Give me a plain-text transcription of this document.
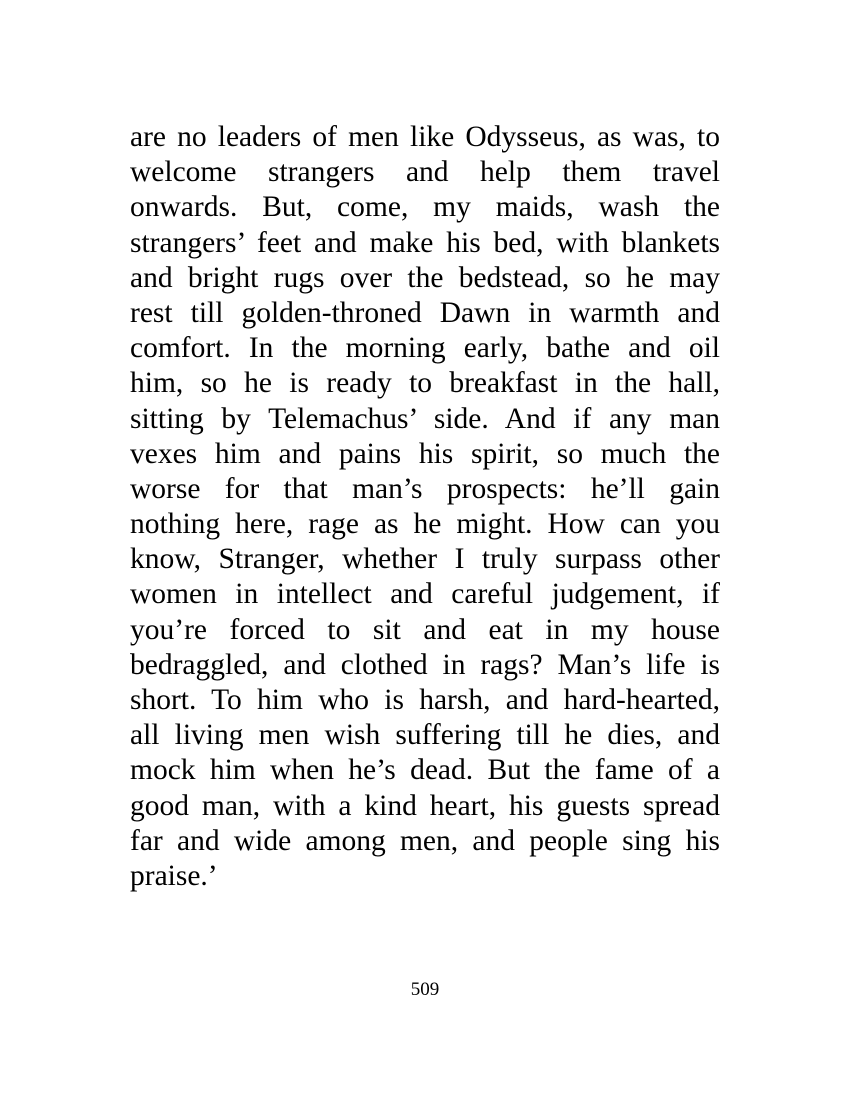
are no leaders of men like Odysseus, as was, to
welcome strangers and help them travel
onwards. But, come, my maids, wash the
strangers’ feet and make his bed, with blankets
and bright rugs over the bedstead, so he may
rest till golden-throned Dawn in warmth and
comfort. In the morning early, bathe and oil
him, so he is ready to breakfast in the hall,
sitting by Telemachus’ side. And if any man
vexes him and pains his spirit, so much the
worse for that man’s prospects: he’ll gain
nothing here, rage as he might. How can you
know, Stranger, whether I truly surpass other
women in intellect and careful judgement, if
you’re forced to sit and eat in my house
bedraggled, and clothed in rags? Man’s life is
short. To him who is harsh, and hard-hearted,
all living men wish suffering till he dies, and
mock him when he’s dead. But the fame of a
good man, with a kind heart, his guests spread
far and wide among men, and people sing his
praise.’
509
